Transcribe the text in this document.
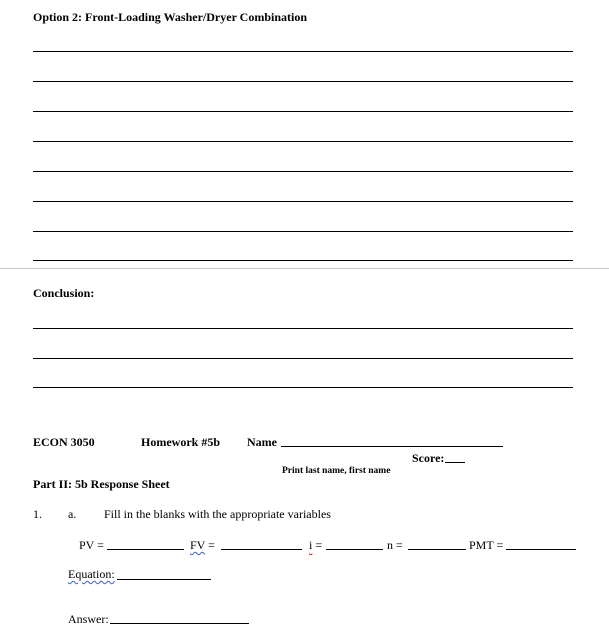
Option 2: Front-Loading Washer/Dryer Combination
Conclusion:
ECON 3050	Homework #5b Name
Score:
Print last name, first name
Part II: 5b Response Sheet
1. a. Fill in the blanks with the appropriate variables
PV =	FV =	i =	n =	PMT =
Equation:
Answer:
